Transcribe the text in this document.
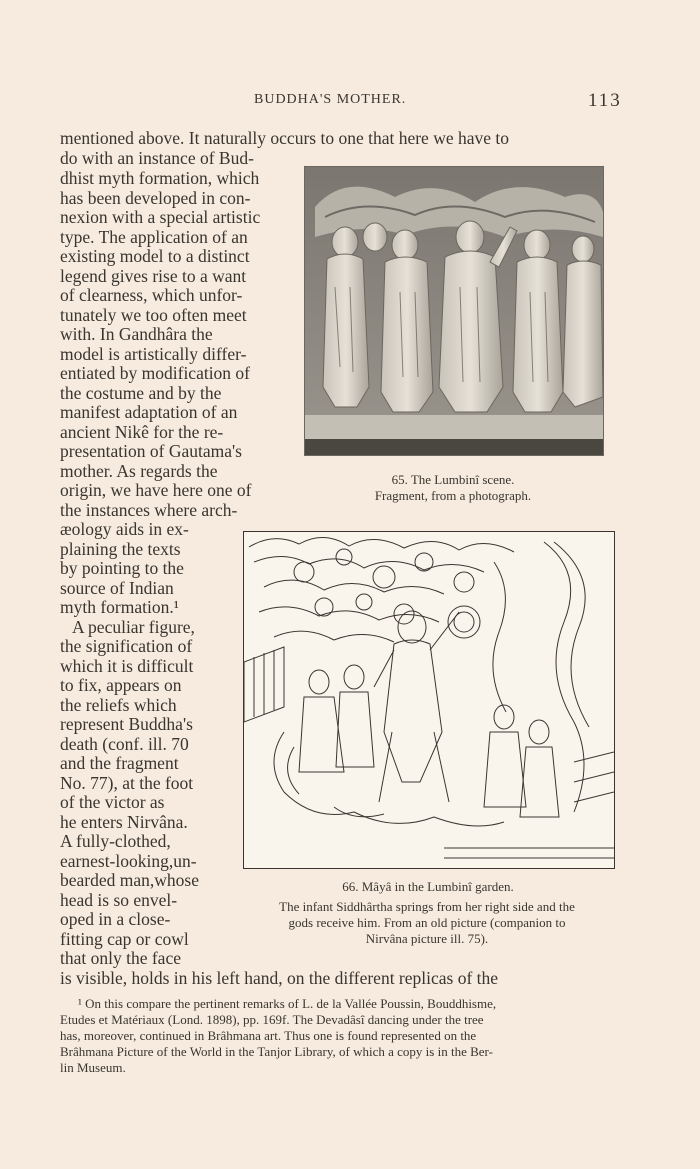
BUDDHA'S MOTHER.	113
mentioned above. It naturally occurs to one that here we have to
do with an instance of Bud-
dhist myth formation, which
has been developed in con-
nexion with a special artistic
type. The application of an
existing model to a distinct
legend gives rise to a want
of clearness, which unfor-
tunately we too often meet
with. In Gandhâra the
model is artistically differ-
entiated by modification of
the costume and by the
manifest adaptation of an
ancient Nikê for the re-
presentation of Gautama's
mother. As regards the
origin, we have here one of
the instances where arch-
æology aids in ex-
plaining the texts
by pointing to the
source of Indian
myth formation.¹
A peculiar figure,
the signification of
which it is difficult
to fix, appears on
the reliefs which
represent Buddha's
death (conf. ill. 70
and the fragment
No. 77), at the foot
of the victor as
he enters Nirvâna.
A fully-clothed,
earnest-looking,un-
bearded man,whose
head is so envel-
oped in a close-
fitting cap or cowl
that only the face
is visible, holds in his left hand, on the different replicas of the
65. The Lumbinî scene.
Fragment, from a photograph.
66. Mâyâ in the Lumbinî garden.
The infant Siddhârtha springs from her right side and the
gods receive him. From an old picture (companion to
Nirvâna picture ill. 75).
¹ On this compare the pertinent remarks of L. de la Vallée Poussin, Bouddhisme,
Etudes et Matériaux (Lond. 1898), pp. 169f. The Devadâsî dancing under the tree
has, moreover, continued in Brâhmana art. Thus one is found represented on the
Brâhmana Picture of the World in the Tanjor Library, of which a copy is in the Ber-
lin Museum.
